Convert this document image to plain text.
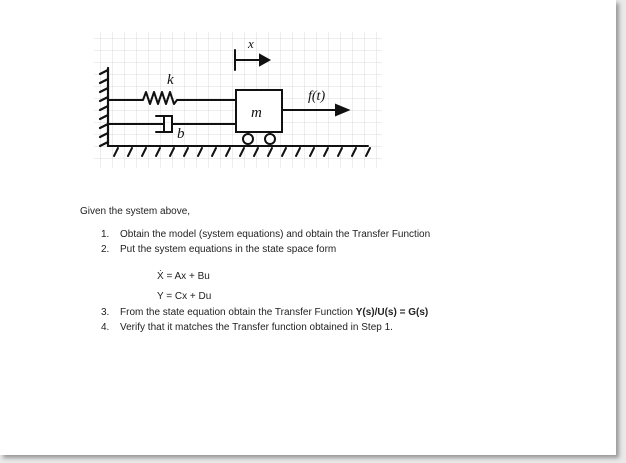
k
b
m
x
f(t)
Given the system above,
1. Obtain the model (system equations) and obtain the Transfer Function
2. Put the system equations in the state space form
Ẋ = Ax + Bu
Y = Cx + Du
3. From the state equation obtain the Transfer Function Y(s)/U(s) = G(s)
4. Verify that it matches the Transfer function obtained in Step 1.
